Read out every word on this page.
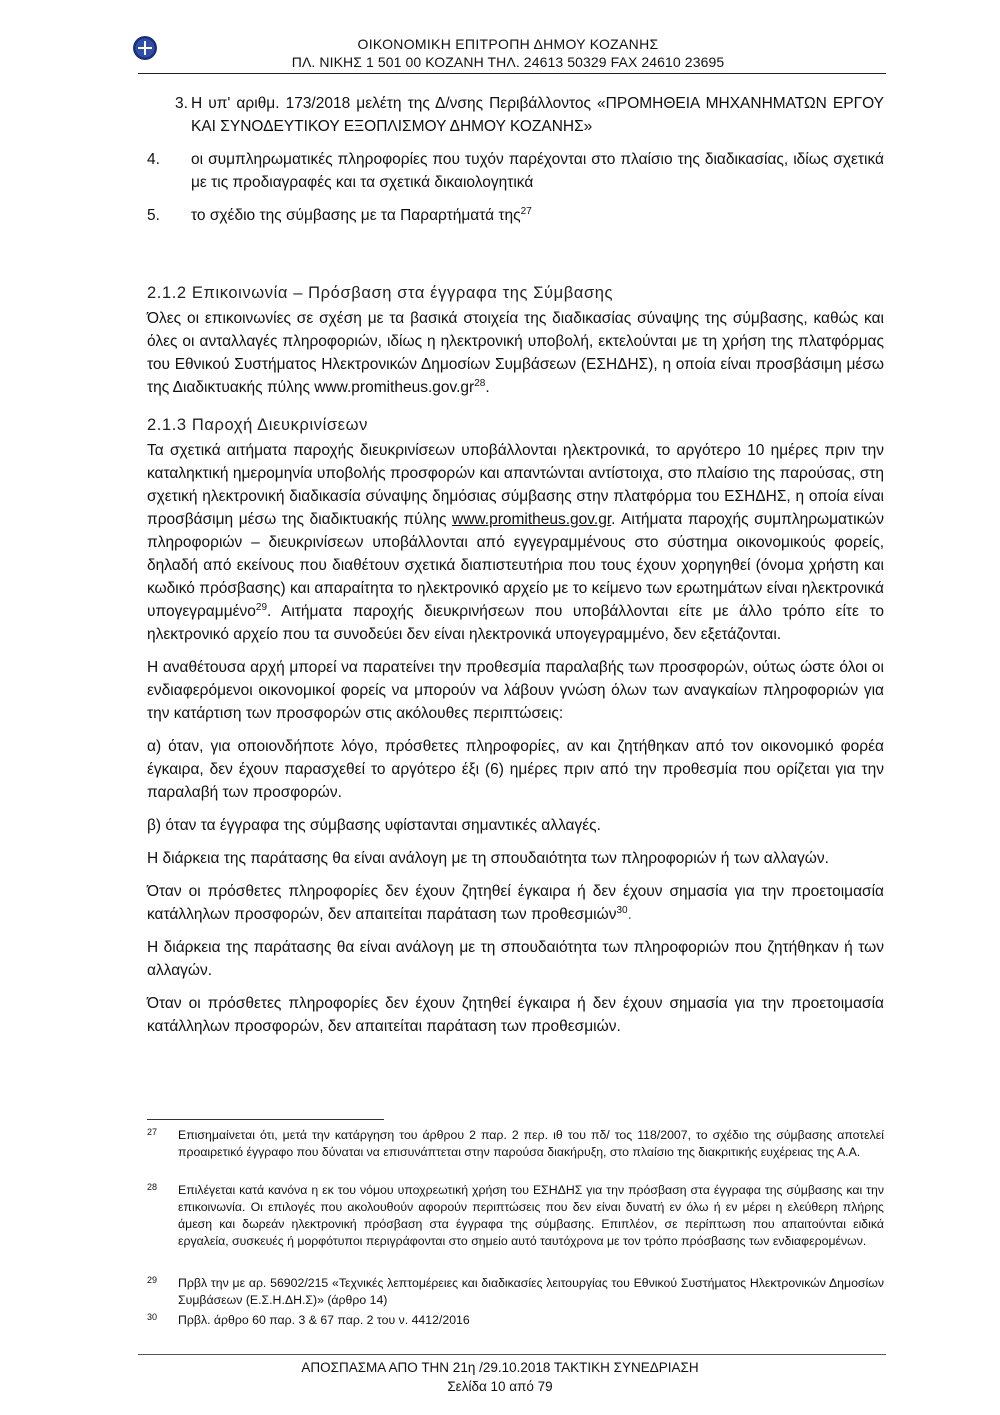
ΟΙΚΟΝΟΜΙΚΗ ΕΠΙΤΡΟΠΗ ΔΗΜΟΥ ΚΟΖΑΝΗΣ
ΠΛ. ΝΙΚΗΣ 1 501 00 ΚΟΖΑΝΗ ΤΗΛ. 24613 50329 FAX 24610 23695
3. Η υπ' αριθμ. 173/2018 μελέτη της Δ/νσης Περιβάλλοντος «ΠΡΟΜΗΘΕΙΑ ΜΗΧΑΝΗΜΑΤΩΝ ΕΡΓΟΥ ΚΑΙ ΣΥΝΟΔΕΥΤΙΚΟΥ ΕΞΟΠΛΙΣΜΟΥ ΔΗΜΟΥ ΚΟΖΑΝΗΣ»
4. οι συμπληρωματικές πληροφορίες που τυχόν παρέχονται στο πλαίσιο της διαδικασίας, ιδίως σχετικά με τις προδιαγραφές και τα σχετικά δικαιολογητικά
5. το σχέδιο της σύμβασης με τα Παραρτήματά της$^{27}$
2.1.2 Επικοινωνία – Πρόσβαση στα έγγραφα της Σύμβασης

Όλες οι επικοινωνίες σε σχέση με τα βασικά στοιχεία της διαδικασίας σύναψης της σύμβασης, καθώς και όλες οι ανταλλαγές πληροφοριών, ιδίως η ηλεκτρονική υποβολή, εκτελούνται με τη χρήση της πλατφόρμας του Εθνικού Συστήματος Ηλεκτρονικών Δημοσίων Συμβάσεων (ΕΣΗΔΗΣ), η οποία είναι προσβάσιμη μέσω της Διαδικτυακής πύλης $www.promitheus.gov.gr^{28}$.

2.1.3 Παροχή Διευκρινίσεων

Τα σχετικά αιτήματα παροχής διευκρινίσεων υποβάλλονται ηλεκτρονικά, το αργότερο 10 ημέρες πριν την καταληκτική ημερομηνία υποβολής προσφορών και απαντώνται αντίστοιχα, στο πλαίσιο της παρούσας, στη σχετική ηλεκτρονική διαδικασία σύναψης δημόσιας σύμβασης στην πλατφόρμα του ΕΣΗΔΗΣ, η οποία είναι προσβάσιμη μέσω της διαδικτυακής πύλης www.promitheus.gov.gr. Αιτήματα παροχής συμπληρωματικών πληροφοριών – διευκρινίσεων υποβάλλονται από εγγεγραμμένους στο σύστημα οικονομικούς φορείς, δηλαδή από εκείνους που διαθέτουν σχετικά διαπιστευτήρια που τους έχουν χορηγηθεί (όνομα χρήστη και κωδικό πρόσβασης) και απαραίτητα το ηλεκτρονικό αρχείο με το κείμενο των ερωτημάτων είναι ηλεκτρονικά υπογεγραμμένο$^{29}$. Αιτήματα παροχής διευκρινήσεων που υποβάλλονται είτε με άλλο τρόπο είτε το ηλεκτρονικό αρχείο που τα συνοδεύει δεν είναι ηλεκτρονικά υπογεγραμμένο, δεν εξετάζονται.

Η αναθέτουσα αρχή μπορεί να παρατείνει την προθεσμία παραλαβής των προσφορών, ούτως ώστε όλοι οι ενδιαφερόμενοι οικονομικοί φορείς να μπορούν να λάβουν γνώση όλων των αναγκαίων πληροφοριών για την κατάρτιση των προσφορών στις ακόλουθες περιπτώσεις:

α) όταν, για οποιονδήποτε λόγο, πρόσθετες πληροφορίες, αν και ζητήθηκαν από τον οικονομικό φορέα έγκαιρα, δεν έχουν παρασχεθεί το αργότερο έξι (6) ημέρες πριν από την προθεσμία που ορίζεται για την παραλαβή των προσφορών.

β) όταν τα έγγραφα της σύμβασης υφίστανται σημαντικές αλλαγές.

Η διάρκεια της παράτασης θα είναι ανάλογη με τη σπουδαιότητα των πληροφοριών ή των αλλαγών.

Όταν οι πρόσθετες πληροφορίες δεν έχουν ζητηθεί έγκαιρα ή δεν έχουν σημασία για την προετοιμασία κατάλληλων προσφορών, δεν απαιτείται παράταση των προθεσμιών$^{30}$.

Η διάρκεια της παράτασης θα είναι ανάλογη με τη σπουδαιότητα των πληροφοριών που ζητήθηκαν ή των αλλαγών.

Όταν οι πρόσθετες πληροφορίες δεν έχουν ζητηθεί έγκαιρα ή δεν έχουν σημασία για την προετοιμασία κατάλληλων προσφορών, δεν απαιτείται παράταση των προθεσμιών.

27 Επισημαίνεται ότι, μετά την κατάργηση του άρθρου 2 παρ. 2 περ. ιθ του πδ/ τος 118/2007, το σχέδιο της σύμβασης αποτελεί προαιρετικό έγγραφο που δύναται να επισυνάπτεται στην παρούσα διακήρυξη, στο πλαίσιο της διακριτικής ευχέρειας της Α.Α.
28 Επιλέγεται κατά κανόνα η εκ του νόμου υποχρεωτική χρήση του ΕΣΗΔΗΣ για την πρόσβαση στα έγγραφα της σύμβασης και την επικοινωνία. Οι επιλογές που ακολουθούν αφορούν περιπτώσεις που δεν είναι δυνατή εν όλω ή εν μέρει η ελεύθερη πλήρης άμεση και δωρεάν ηλεκτρονική πρόσβαση στα έγγραφα της σύμβασης. Επιπλέον, σε περίπτωση που απαιτούνται ειδικά εργαλεία, συσκευές ή μορφότυποι περιγράφονται στο σημείο αυτό ταυτόχρονα με τον τρόπο πρόσβασης των ενδιαφερομένων.
29 Πρβλ την με αρ. 56902/215 «Τεχνικές λεπτομέρειες και διαδικασίες λειτουργίας του Εθνικού Συστήματος Ηλεκτρονικών Δημοσίων Συμβάσεων (Ε.Σ.Η.ΔΗ.Σ)» (άρθρο 14)
30 Πρβλ. άρθρο 60 παρ. 3 & 67 παρ. 2 του ν. 4412/2016
ΑΠΟΣΠΑΣΜΑ ΑΠΟ ΤΗΝ 21η /29.10.2018 ΤΑΚΤΙΚΗ ΣΥΝΕΔΡΙΑΣΗ
Σελίδα 10 από 79
